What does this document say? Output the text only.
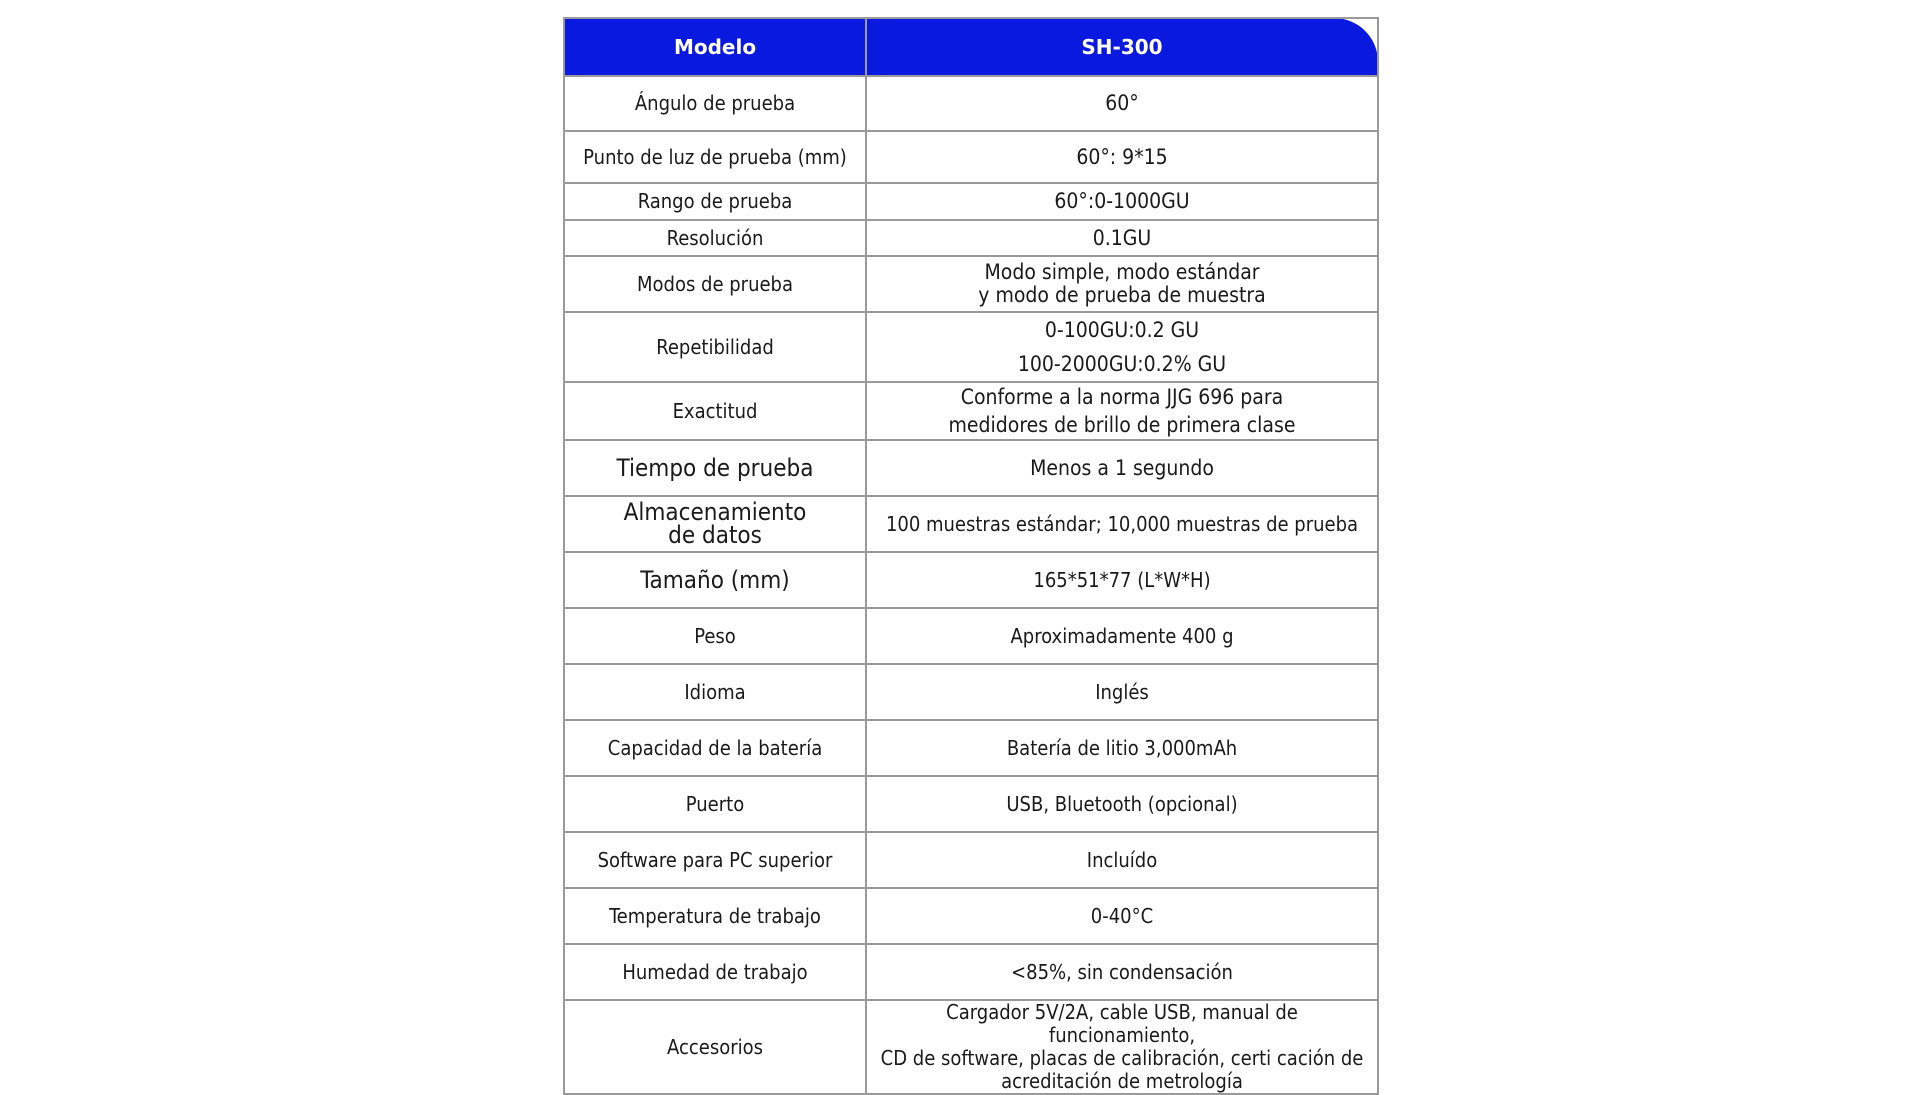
Modelo	SH-300
Ángulo de prueba	60°
Punto de luz de prueba (mm)	60°: 9*15
Rango de prueba	60°:0-1000GU
Resolución	0.1GU
Modos de prueba	Modo simple, modo estándar
y modo de prueba de muestra
Repetibilidad	0-100GU:0.2 GU
100-2000GU:0.2% GU
Exactitud	Conforme a la norma JJG 696 para
medidores de brillo de primera clase
Tiempo de prueba	Menos a 1 segundo
Almacenamiento
de datos	100 muestras estándar; 10,000 muestras de prueba
Tamaño (mm)	165*51*77 (L*W*H)
Peso	Aproximadamente 400 g
Idioma	Inglés
Capacidad de la batería	Batería de litio 3,000mAh
Puerto	USB, Bluetooth (opcional)
Software para PC superior	Incluído
Temperatura de trabajo	0-40°C
Humedad de trabajo	<85%, sin condensación
Accesorios	Cargador 5V/2A, cable USB, manual de funcionamiento,
CD de software, placas de calibración, certi cación de
acreditación de metrología
